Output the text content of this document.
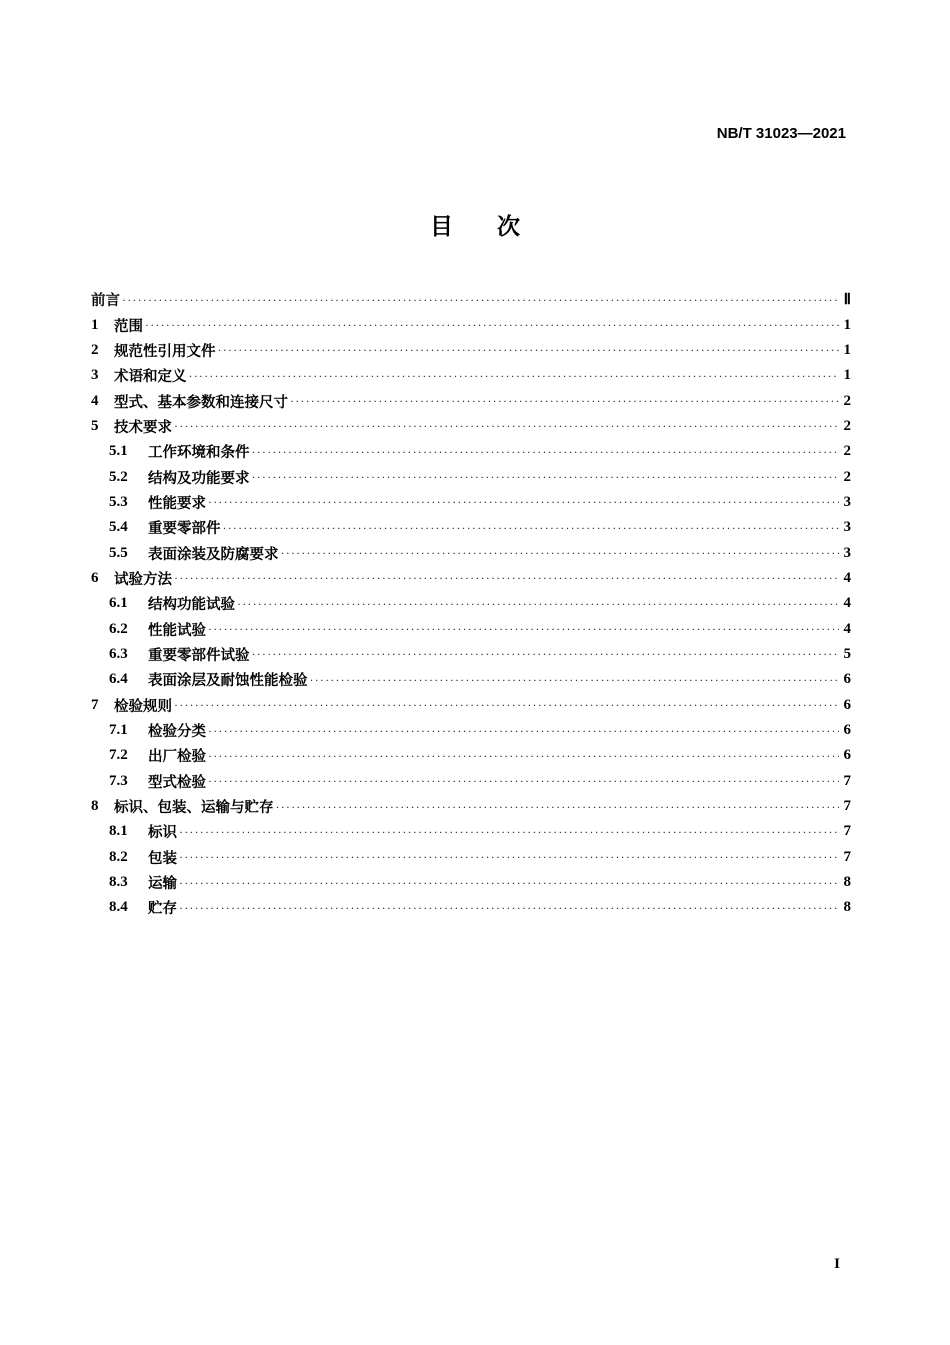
NB/T 31023—2021
目次
前言 ·····	Ⅱ
1	范围 ·····	1
2	规范性引用文件 ·····	1
3	术语和定义 ·····	1
4	型式、基本参数和连接尺寸 ·····	2
5	技术要求 ·····	2
5.1	工作环境和条件 ·····	2
5.2	结构及功能要求 ·····	2
5.3	性能要求 ·····	3
5.4	重要零部件 ·····	3
5.5	表面涂装及防腐要求 ·····	3
6	试验方法 ·····	4
6.1	结构功能试验 ·····	4
6.2	性能试验 ·····	4
6.3	重要零部件试验 ·····	5
6.4	表面涂层及耐蚀性能检验 ·····	6
7	检验规则 ·····	6
7.1	检验分类 ·····	6
7.2	出厂检验 ·····	6
7.3	型式检验 ·····	7
8	标识、包装、运输与贮存 ·····	7
8.1	标识 ·····	7
8.2	包装 ·····	7
8.3	运输 ·····	8
8.4	贮存 ·····	8
I
